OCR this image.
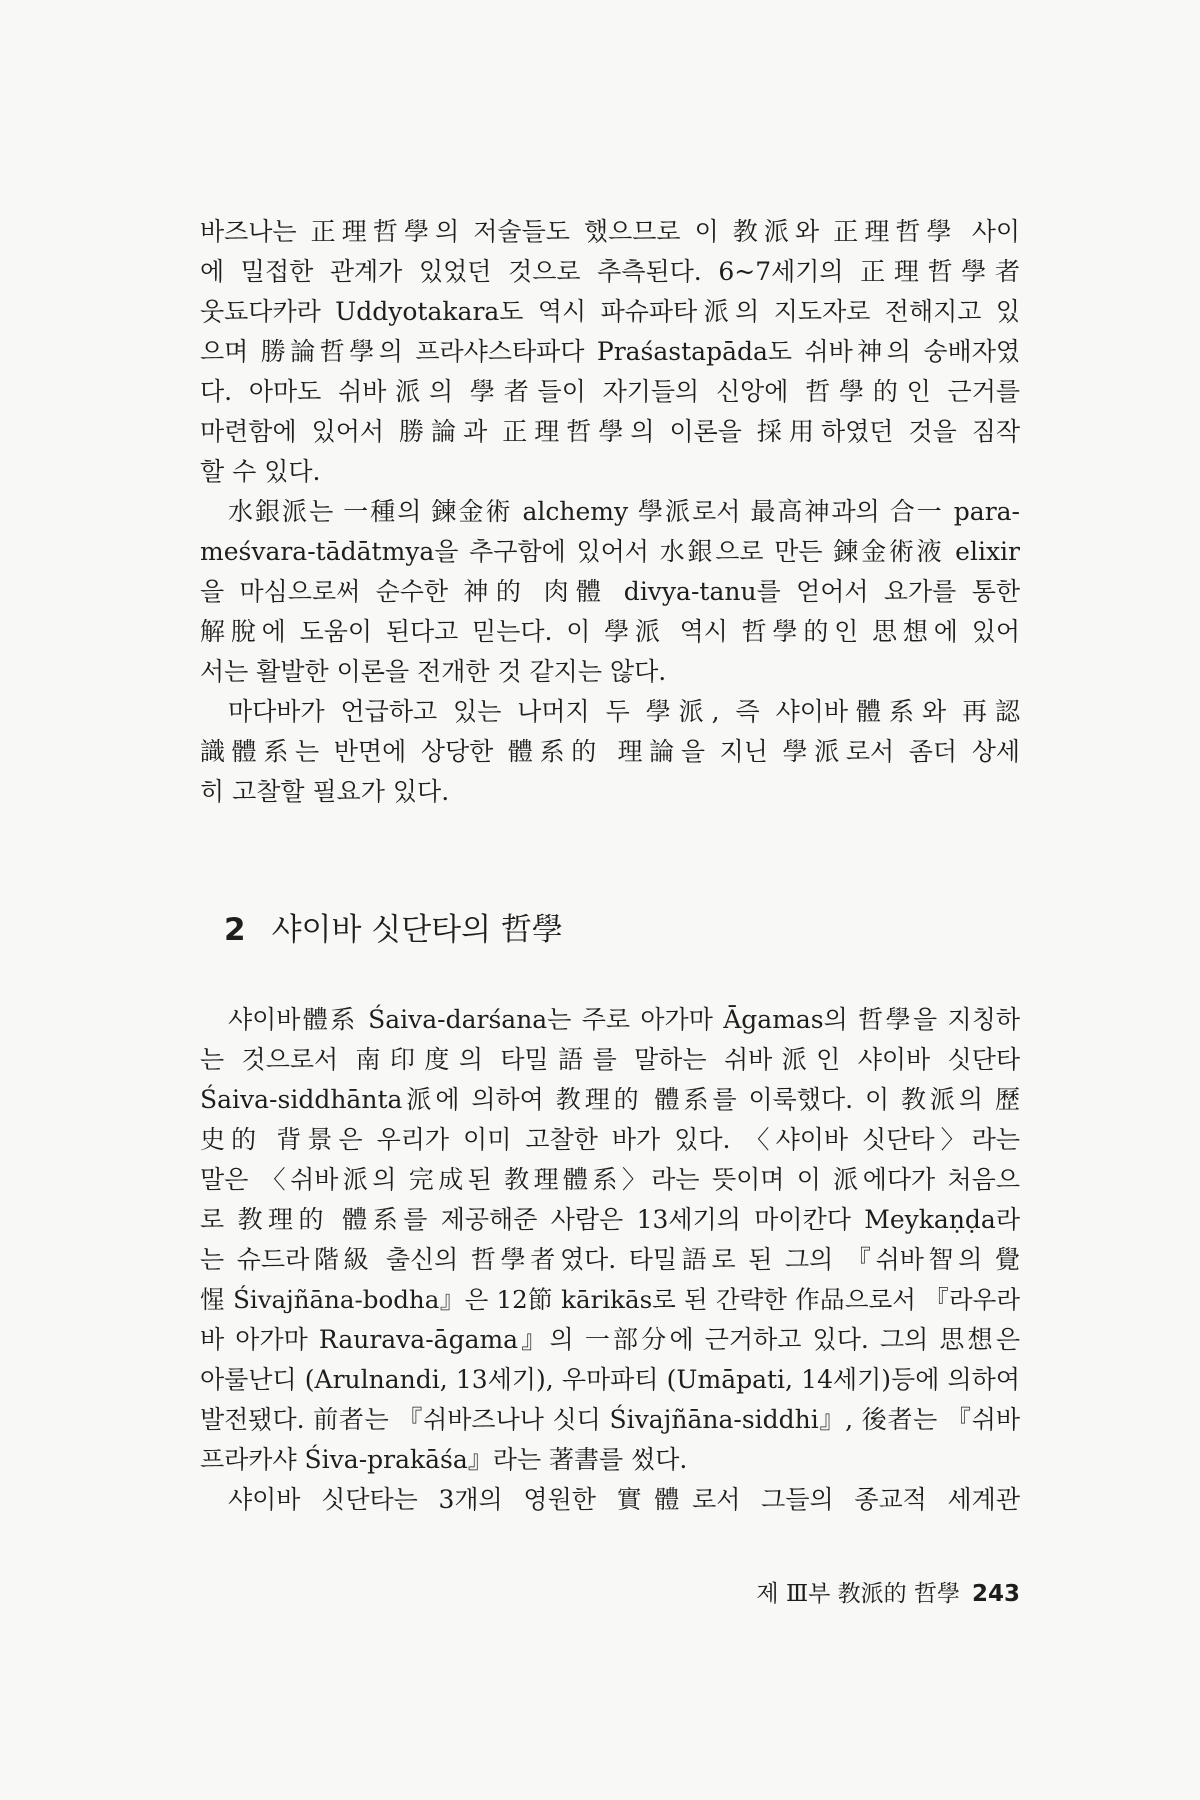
바즈나는 正理哲學의 저술들도 했으므로 이 教派와 正理哲學 사이
에 밀접한 관계가 있었던 것으로 추측된다. 6~7세기의 正理哲學者
웃됴다카라 Uddyotakara도 역시 파슈파타派의 지도자로 전해지고 있
으며 勝論哲學의 프라샤스타파다 Praśastapāda도 쉬바神의 숭배자였
다. 아마도 쉬바派의 學者들이 자기들의 신앙에 哲學的인 근거를
마련함에 있어서 勝論과 正理哲學의 이론을 採用하였던 것을 짐작
할 수 있다.
水銀派는 一種의 鍊金術 alchemy 學派로서 最高神과의 合一 para-
meśvara-tādātmya을 추구함에 있어서 水銀으로 만든 鍊金術液 elixir
을 마심으로써 순수한 神的 肉體 divya-tanu를 얻어서 요가를 통한
解脫에 도움이 된다고 믿는다. 이 學派 역시 哲學的인 思想에 있어
서는 활발한 이론을 전개한 것 같지는 않다.
마다바가 언급하고 있는 나머지 두 學派, 즉 샤이바體系와 再認
識體系는 반면에 상당한 體系的 理論을 지닌 學派로서 좀더 상세
히 고찰할 필요가 있다.
2 샤이바 싯단타의 哲學
샤이바體系 Śaiva-darśana는 주로 아가마 Āgamas의 哲學을 지칭하
는 것으로서 南印度의 타밀語를 말하는 쉬바派인 샤이바 싯단타
Śaiva-siddhānta派에 의하여 教理的 體系를 이룩했다. 이 教派의 歷
史的 背景은 우리가 이미 고찰한 바가 있다. 〈샤이바 싯단타〉라는
말은 〈쉬바派의 完成된 教理體系〉라는 뜻이며 이 派에다가 처음으
로 教理的 體系를 제공해준 사람은 13세기의 마이칸다 Meykaṇḍa라
는 슈드라階級 출신의 哲學者였다. 타밀語로 된 그의 『쉬바智의 覺
惺 Śivajñāna-bodha』은 12節 kārikās로 된 간략한 作品으로서 『라우라
바 아가마 Raurava-āgama』의 一部分에 근거하고 있다. 그의 思想은
아룰난디 (Arulnandi, 13세기), 우마파티 (Umāpati, 14세기)등에 의하여
발전됐다. 前者는 『쉬바즈나나 싯디 Śivajñāna-siddhi』, 後者는 『쉬바
프라카샤 Śiva-prakāśa』라는 著書를 썼다.
샤이바 싯단타는 3개의 영원한 實體로서 그들의 종교적 세계관
제 Ⅲ부 教派的 哲學 243
